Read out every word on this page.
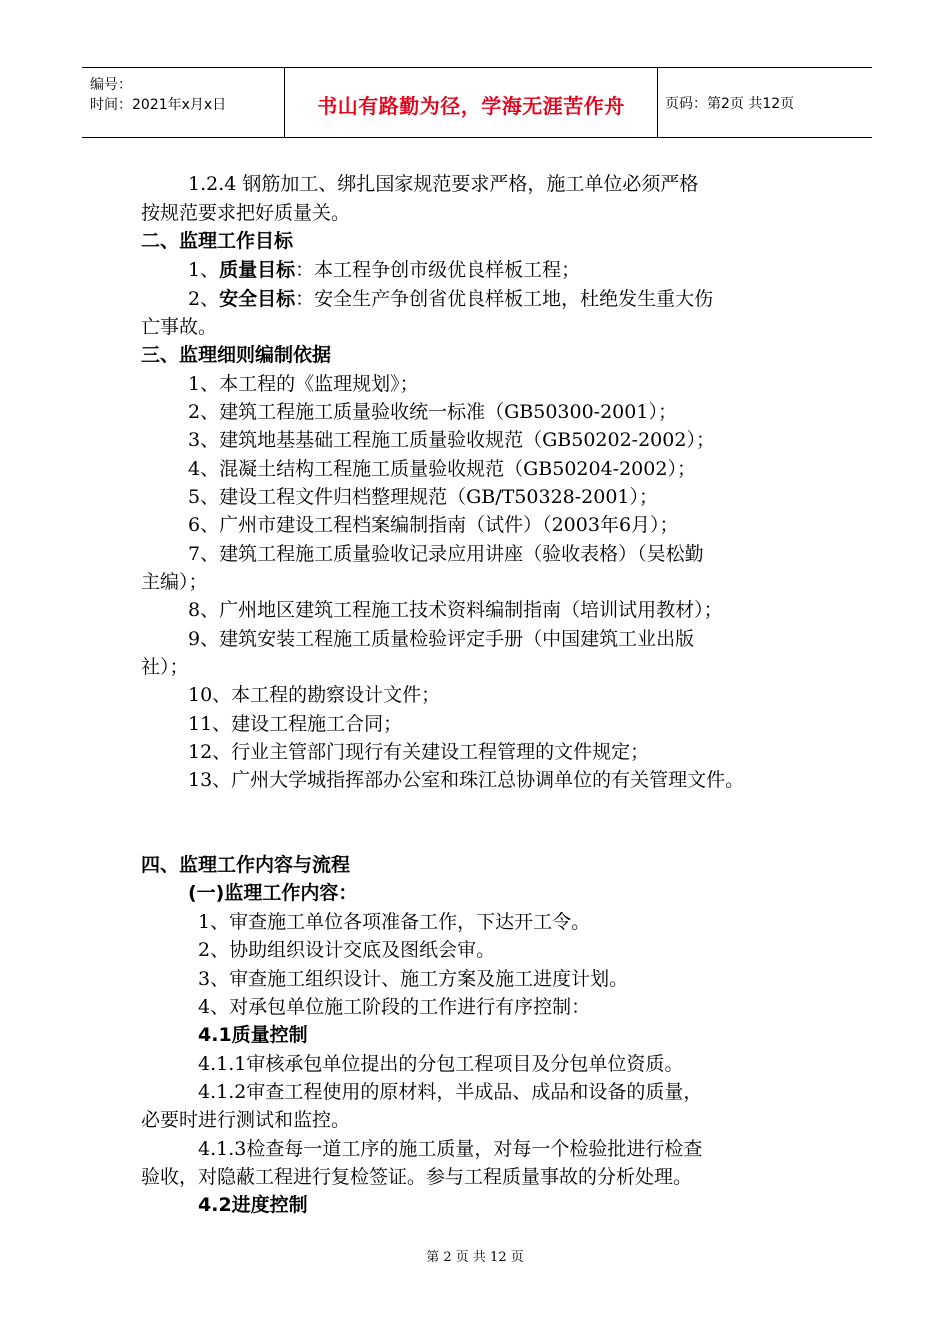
编号：
时间：2021年x月x日	书山有路勤为径，学海无涯苦作舟	页码：第2页 共12页
1.2.4 钢筋加工、绑扎国家规范要求严格，施工单位必须严格
按规范要求把好质量关。
二、监理工作目标
1、质量目标：本工程争创市级优良样板工程；
2、安全目标：安全生产争创省优良样板工地，杜绝发生重大伤
亡事故。
三、监理细则编制依据
1、本工程的《监理规划》；
2、建筑工程施工质量验收统一标准（GB50300-2001）；
3、建筑地基基础工程施工质量验收规范（GB50202-2002）；
4、混凝土结构工程施工质量验收规范（GB50204-2002）；
5、建设工程文件归档整理规范（GB/T50328-2001）；
6、广州市建设工程档案编制指南（试件）（2003年6月）；
7、建筑工程施工质量验收记录应用讲座（验收表格）（吴松勤
主编）；
8、广州地区建筑工程施工技术资料编制指南（培训试用教材）；
9、建筑安装工程施工质量检验评定手册（中国建筑工业出版
社）；
10、本工程的勘察设计文件；
11、建设工程施工合同；
12、行业主管部门现行有关建设工程管理的文件规定；
13、广州大学城指挥部办公室和珠江总协调单位的有关管理文件。
四、监理工作内容与流程
(一)监理工作内容：
1、审查施工单位各项准备工作，下达开工令。
2、协助组织设计交底及图纸会审。
3、审查施工组织设计、施工方案及施工进度计划。
4、对承包单位施工阶段的工作进行有序控制：
4.1质量控制
4.1.1审核承包单位提出的分包工程项目及分包单位资质。
4.1.2审查工程使用的原材料，半成品、成品和设备的质量，
必要时进行测试和监控。
4.1.3检查每一道工序的施工质量，对每一个检验批进行检查
验收，对隐蔽工程进行复检签证。参与工程质量事故的分析处理。
4.2进度控制
第 2 页 共 12 页
